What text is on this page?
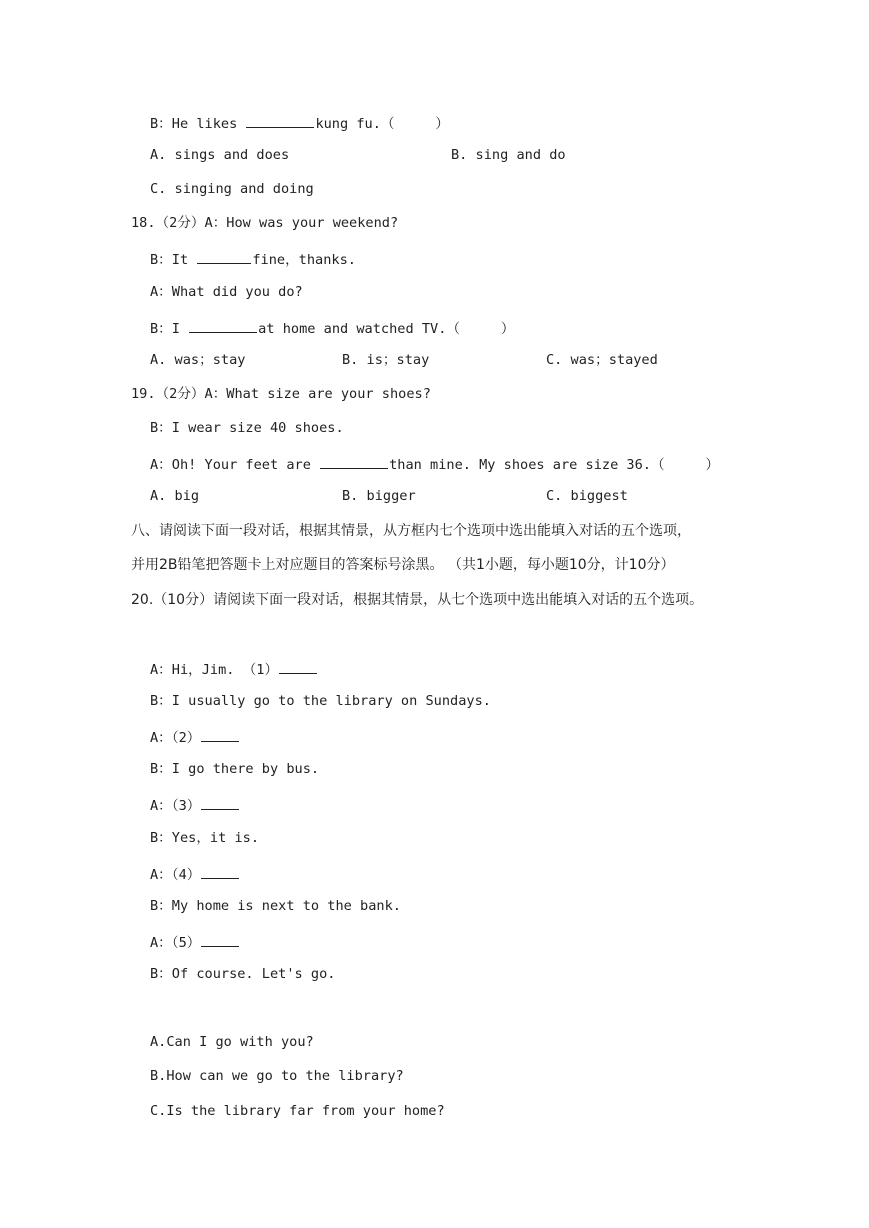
B：He likes	kung fu.（     ）
A. sings and does	B. sing and do
C. singing and doing
18.（2分）A：How was your weekend?
B：It	fine，thanks.
A：What did you do?
B：I	at home and watched TV.（     ）
A. was；stay	B. is；stay	C. was；stayed
19.（2分）A：What size are your shoes?
B：I wear size 40 shoes.
A：Oh! Your feet are	than mine. My shoes are size 36.（     ）
A. big	B. bigger	C. biggest
八、请阅读下面一段对话，根据其情景，从方框内七个选项中选出能填入对话的五个选项，
并用2B铅笔把答题卡上对应题目的答案标号涂黑。 （共1小题，每小题10分，计10分）
20.（10分）请阅读下面一段对话，根据其情景，从七个选项中选出能填入对话的五个选项。
A：Hi，Jim. （1）
B：I usually go to the library on Sundays.
A：（2）
B：I go there by bus.
A：（3）
B：Yes，it is.
A：（4）
B：My home is next to the bank.
A：（5）
B：Of course. Let's go.
A.Can I go with you?
B.How can we go to the library?
C.Is the library far from your home?
